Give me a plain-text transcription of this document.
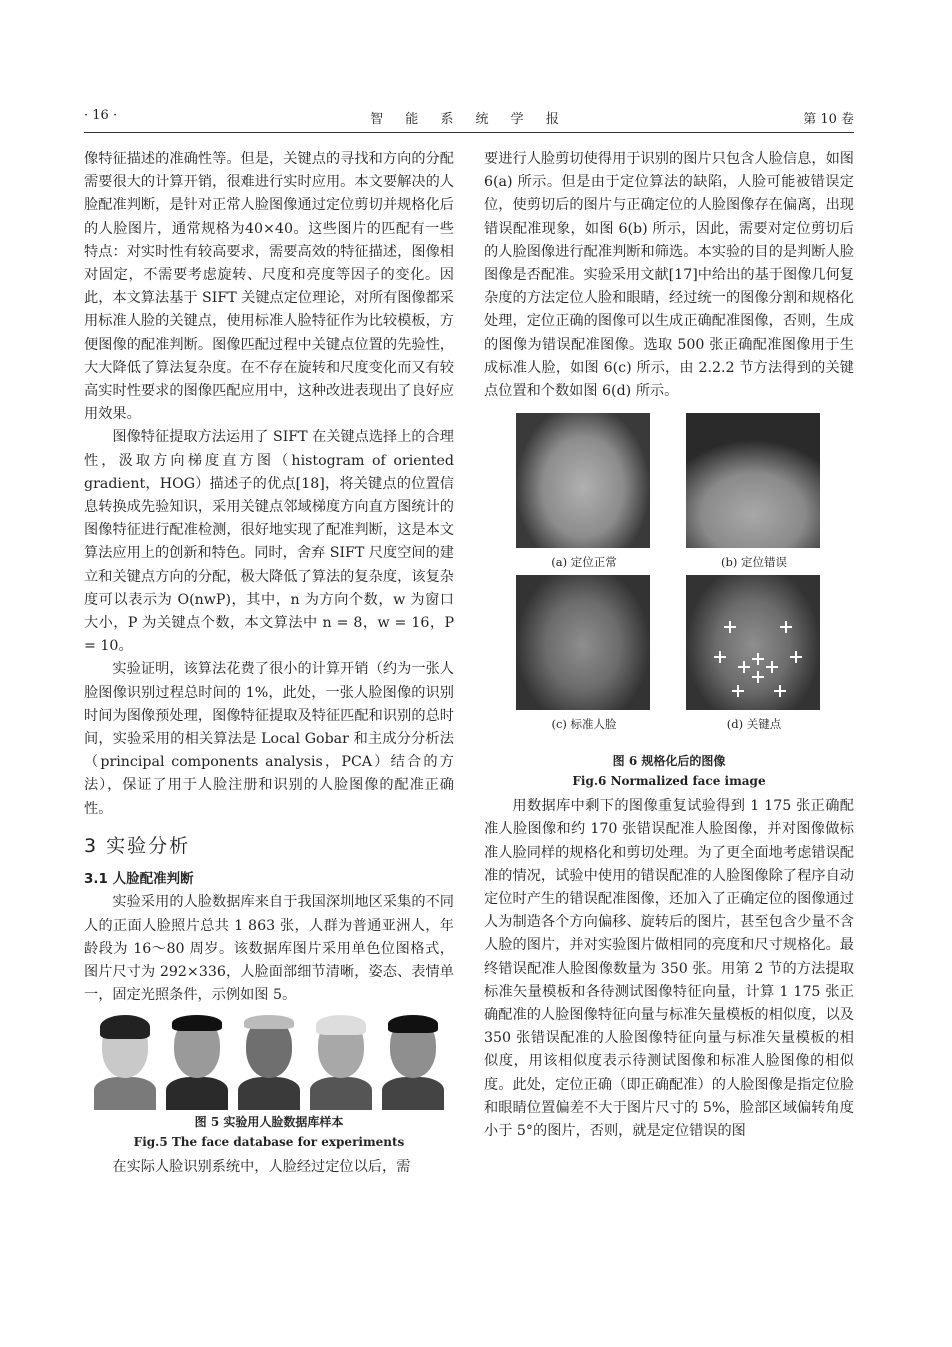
· 16 ·	智 能 系 统 学 报	第 10 卷

像特征描述的准确性等。但是，关键点的寻找和方向的分配需要很大的计算开销，很难进行实时应用。本文要解决的人脸配准判断，是针对正常人脸图像通过定位剪切并规格化后的人脸图片，通常规格为40×40。这些图片的匹配有一些特点：对实时性有较高要求，需要高效的特征描述，图像相对固定，不需要考虑旋转、尺度和亮度等因子的变化。因此，本文算法基于 SIFT 关键点定位理论，对所有图像都采用标准人脸的关键点，使用标准人脸特征作为比较模板，方便图像的配准判断。图像匹配过程中关键点位置的先验性，大大降低了算法复杂度。在不存在旋转和尺度变化而又有较高实时性要求的图像匹配应用中，这种改进表现出了良好应用效果。

图像特征提取方法运用了 SIFT 在关键点选择上的合理性，汲取方向梯度直方图（histogram of oriented gradient，HOG）描述子的优点[18]，将关键点的位置信息转换成先验知识，采用关键点邻域梯度方向直方图统计的图像特征进行配准检测，很好地实现了配准判断，这是本文算法应用上的创新和特色。同时，舍弃 SIFT 尺度空间的建立和关键点方向的分配，极大降低了算法的复杂度，该复杂度可以表示为 O(nwP)，其中，n 为方向个数，w 为窗口大小，P 为关键点个数，本文算法中 n = 8，w = 16，P = 10。

实验证明，该算法花费了很小的计算开销（约为一张人脸图像识别过程总时间的 1%，此处，一张人脸图像的识别时间为图像预处理，图像特征提取及特征匹配和识别的总时间，实验采用的相关算法是 Local Gobar 和主成分分析法（principal components analysis，PCA）结合的方法），保证了用于人脸注册和识别的人脸图像的配准正确性。

3 实验分析
3.1 人脸配准判断

实验采用的人脸数据库来自于我国深圳地区采集的不同人的正面人脸照片总共 1 863 张，人群为普通亚洲人，年龄段为 16～80 周岁。该数据库图片采用单色位图格式，图片尺寸为 292×336，人脸面部细节清晰，姿态、表情单一，固定光照条件，示例如图 5。

图 5 实验用人脸数据库样本
Fig.5 The face database for experiments

在实际人脸识别系统中，人脸经过定位以后，需

要进行人脸剪切使得用于识别的图片只包含人脸信息，如图 6(a) 所示。但是由于定位算法的缺陷，人脸可能被错误定位，使剪切后的图片与正确定位的人脸图像存在偏离，出现错误配准现象，如图 6(b) 所示，因此，需要对定位剪切后的人脸图像进行配准判断和筛选。本实验的目的是判断人脸图像是否配准。实验采用文献[17]中给出的基于图像几何复杂度的方法定位人脸和眼睛，经过统一的图像分割和规格化处理，定位正确的图像可以生成正确配准图像，否则，生成的图像为错误配准图像。选取 500 张正确配准图像用于生成标准人脸，如图 6(c) 所示，由 2.2.2 节方法得到的关键点位置和个数如图 6(d) 所示。

(a) 定位正常	(b) 定位错误
(c) 标准人脸	(d) 关键点
图 6 规格化后的图像
Fig.6 Normalized face image

用数据库中剩下的图像重复试验得到 1 175 张正确配准人脸图像和约 170 张错误配准人脸图像，并对图像做标准人脸同样的规格化和剪切处理。为了更全面地考虑错误配准的情况，试验中使用的错误配准的人脸图像除了程序自动定位时产生的错误配准图像，还加入了正确定位的图像通过人为制造各个方向偏移、旋转后的图片，甚至包含少量不含人脸的图片，并对实验图片做相同的亮度和尺寸规格化。最终错误配准人脸图像数量为 350 张。用第 2 节的方法提取标准矢量模板和各待测试图像特征向量，计算 1 175 张正确配准的人脸图像特征向量与标准矢量模板的相似度，以及 350 张错误配准的人脸图像特征向量与标准矢量模板的相似度，用该相似度表示待测试图像和标准人脸图像的相似度。此处，定位正确（即正确配准）的人脸图像是指定位脸和眼睛位置偏差不大于图片尺寸的 5%，脸部区域偏转角度小于 5°的图片，否则，就是定位错误的图
